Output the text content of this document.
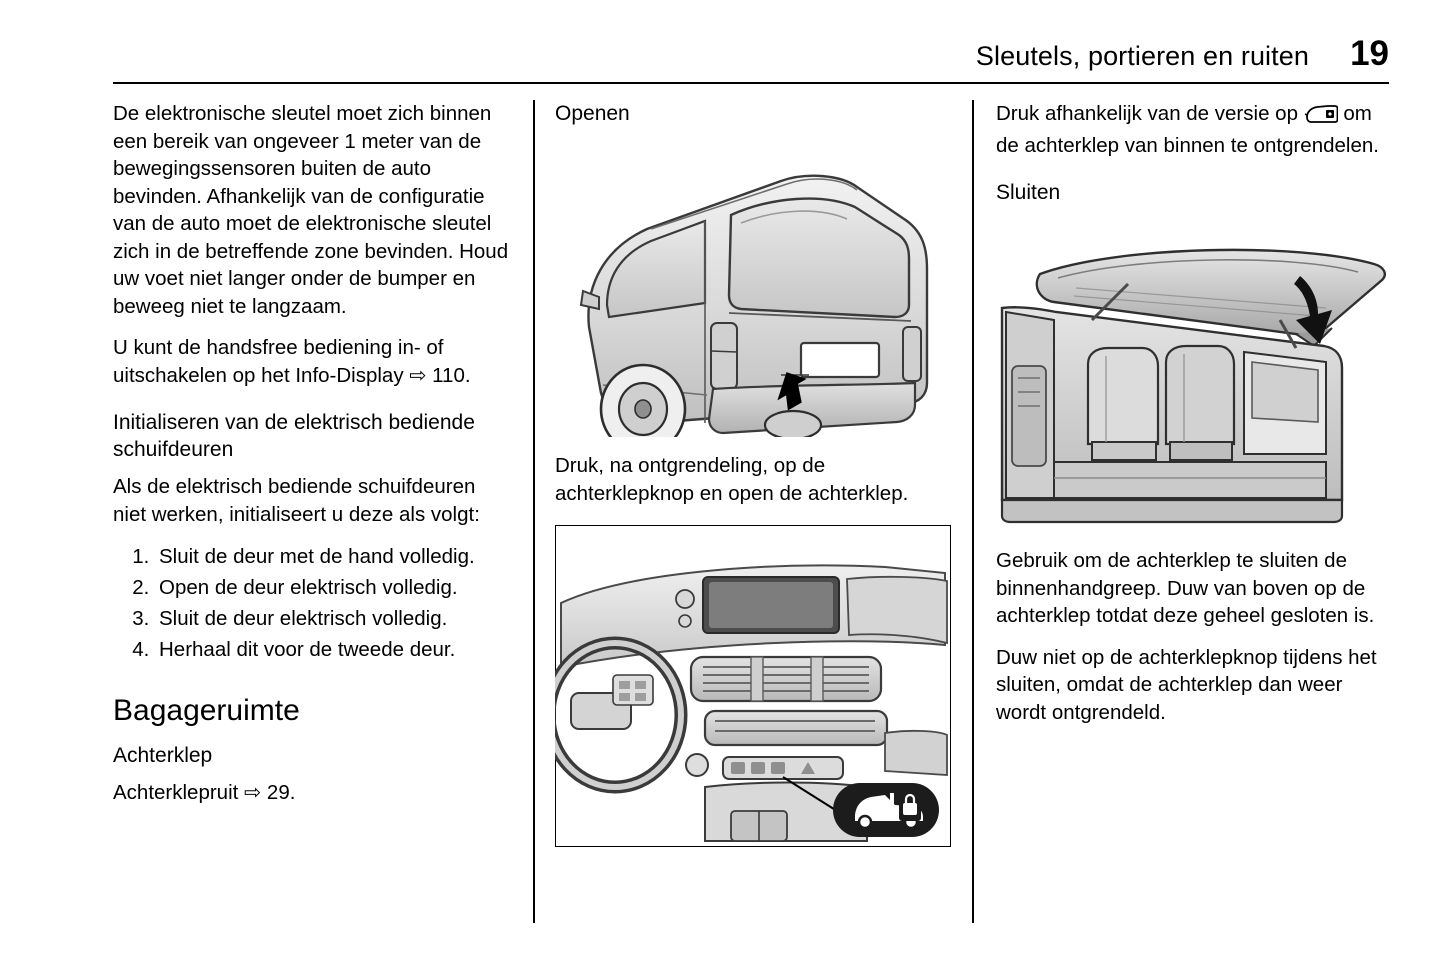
Sleutels, portieren en ruiten	19

De elektronische sleutel moet zich binnen een bereik van ongeveer 1 meter van de bewegingssensoren buiten de auto bevinden. Afhankelijk van de configuratie van de auto moet de elektronische sleutel zich in de betreffende zone bevinden. Houd uw voet niet langer onder de bumper en beweeg niet te langzaam.

U kunt de handsfree bediening in- of uitschakelen op het Info-Display ⇨ 110.

Initialiseren van de elektrisch bediende schuifdeuren

Als de elektrisch bediende schuifdeuren niet werken, initialiseert u deze als volgt:

1. Sluit de deur met de hand volledig.
2. Open de deur elektrisch volledig.
3. Sluit de deur elektrisch volledig.
4. Herhaal dit voor de tweede deur.
Bagageruimte
Achterklep

Achterklepruit ⇨ 29.

Openen
Druk, na ontgrendeling, op de achterklepknop en open de achterklep.

Druk afhankelijk van de versie op  om de achterklep van binnen te ontgrendelen.

Sluiten

Gebruik om de achterklep te sluiten de binnenhandgreep. Duw van boven op de achterklep totdat deze geheel gesloten is.

Duw niet op de achterklepknop tijdens het sluiten, omdat de achterklep dan weer wordt ontgrendeld.
